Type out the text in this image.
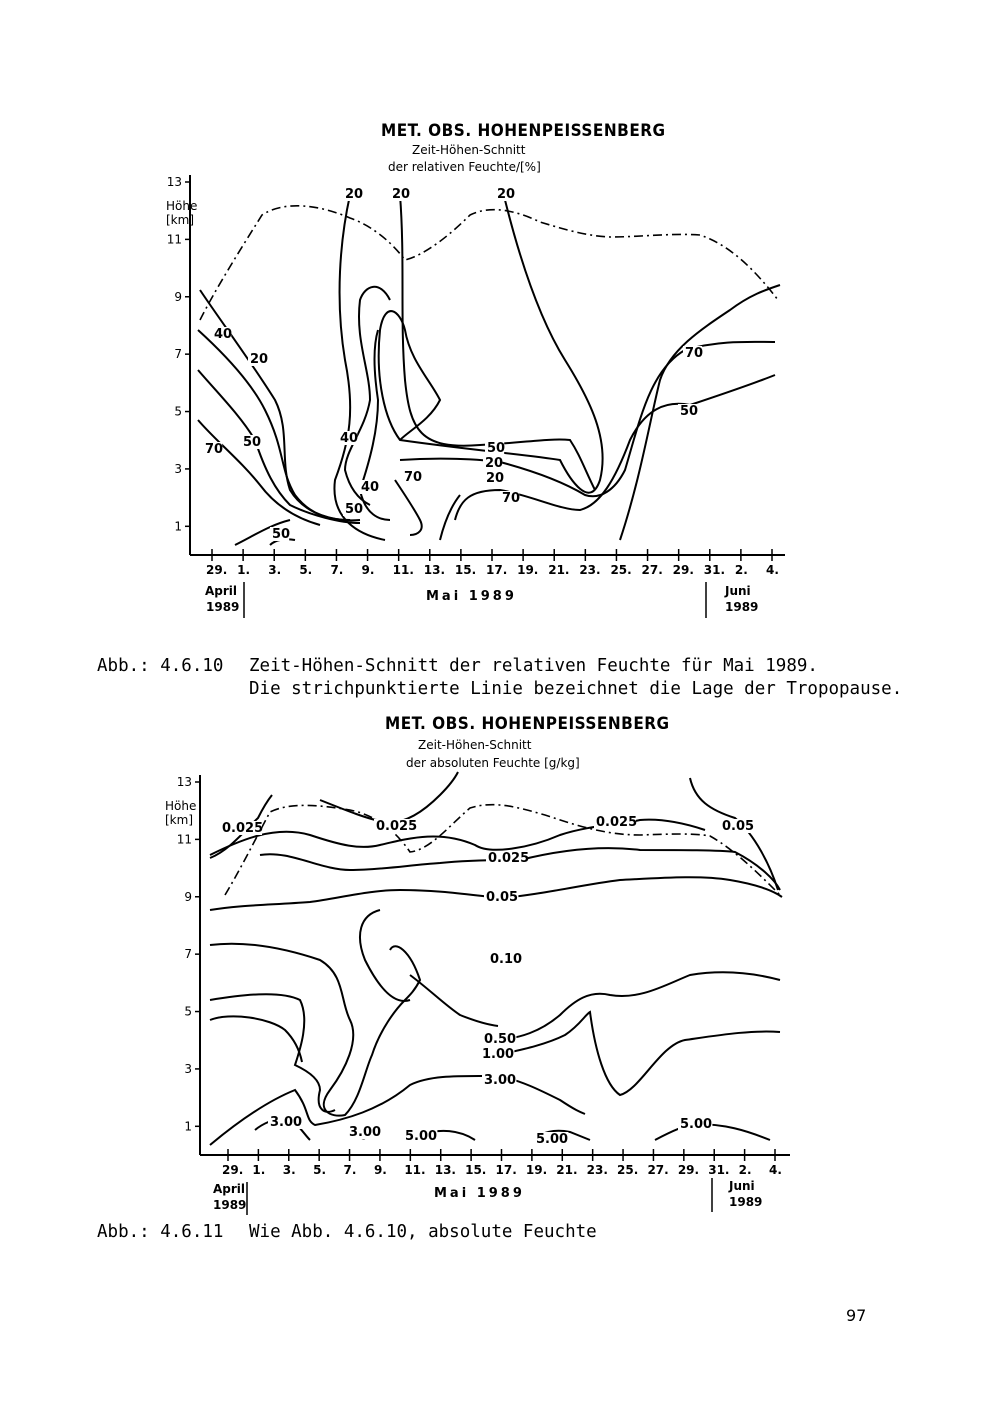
MET. OBS. HOHENPEISSENBERG
Zeit-Höhen-Schnitt
der relativen Feuchte/[%]
Höhe
[km]
1
3
5
7
9
11
13
29. 1. 3. 5. 7. 9. 11. 13. 15. 17. 19. 21. 23. 25. 27. 29. 31. 2. 4.
April
1989
Mai 1989	Juni
1989
20 20	20
40
20
70 50	40
50
20
70	20
40
50
70
50
70
50
Abb.: 4.6.10 Zeit-Höhen-Schnitt der relativen Feuchte für Mai 1989.
Die strichpunktierte Linie bezeichnet die Lage der Tropopause.
MET. OBS. HOHENPEISSENBERG
Zeit-Höhen-Schnitt
der absoluten Feuchte [g/kg]
Höhe
[km]
1
3
5
7
9
11
13
29. 1. 3. 5. 7. 9. 11. 13. 15. 17. 19. 21. 23. 25. 27. 29. 31. 2. 4.
April
1989
Mai 1989	Juni
1989
0.025	0.025	0.025
0.025
0.05
0.05
0.10
0.50
1.00
3.00
3.00
3.00 5.00	5.00
5.00
Abb.: 4.6.11 Wie Abb. 4.6.10, absolute Feuchte
97
